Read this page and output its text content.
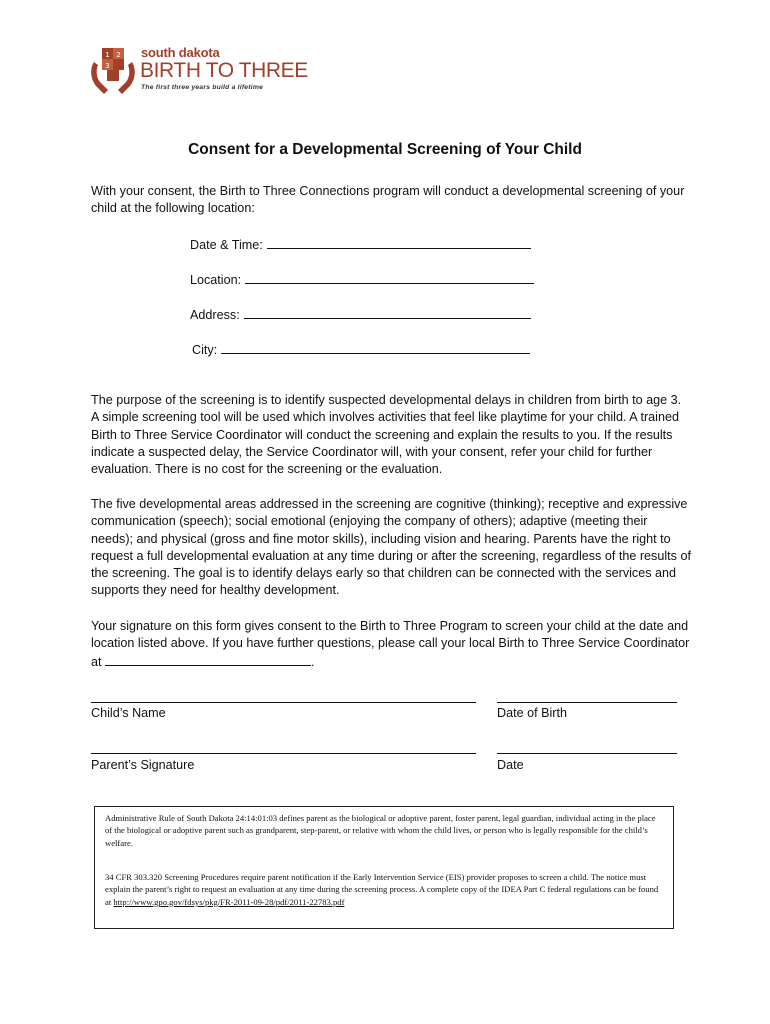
1 2
3
south dakota
BIRTH TO THREE
The first three years build a lifetime
Consent for a Developmental Screening of Your Child
With your consent, the Birth to Three Connections program will conduct a developmental screening of your child at the following location:
Date & Time:
Location:
Address:
City:
The purpose of the screening is to identify suspected developmental delays in children from birth to age 3. A simple screening tool will be used which involves activities that feel like playtime for your child. A trained Birth to Three Service Coordinator will conduct the screening and explain the results to you. If the results indicate a suspected delay, the Service Coordinator will, with your consent, refer your child for further evaluation. There is no cost for the screening or the evaluation.
The five developmental areas addressed in the screening are cognitive (thinking); receptive and expressive communication (speech); social emotional (enjoying the company of others); adaptive (meeting their needs); and physical (gross and fine motor skills), including vision and hearing. Parents have the right to request a full developmental evaluation at any time during or after the screening, regardless of the results of the screening. The goal is to identify delays early so that children can be connected with the services and supports they need for healthy development.
Your signature on this form gives consent to the Birth to Three Program to screen your child at the date and location listed above. If you have further questions, please call your local Birth to Three Service Coordinator at	.
Child’s Name	Date of Birth
Parent’s Signature	Date
Administrative Rule of South Dakota 24:14:01:03 defines parent as the biological or adoptive parent, foster parent, legal guardian, individual acting in the place of the biological or adoptive parent such as grandparent, step-parent, or relative with whom the child lives, or person who is legally responsible for the child’s welfare.
34 CFR 303.320 Screening Procedures require parent notification if the Early Intervention Service (EIS) provider proposes to screen a child. The notice must explain the parent’s right to request an evaluation at any time during the screening process. A complete copy of the IDEA Part C federal regulations can be found at http://www.gpo.gov/fdsys/pkg/FR-2011-09-28/pdf/2011-22783.pdf
